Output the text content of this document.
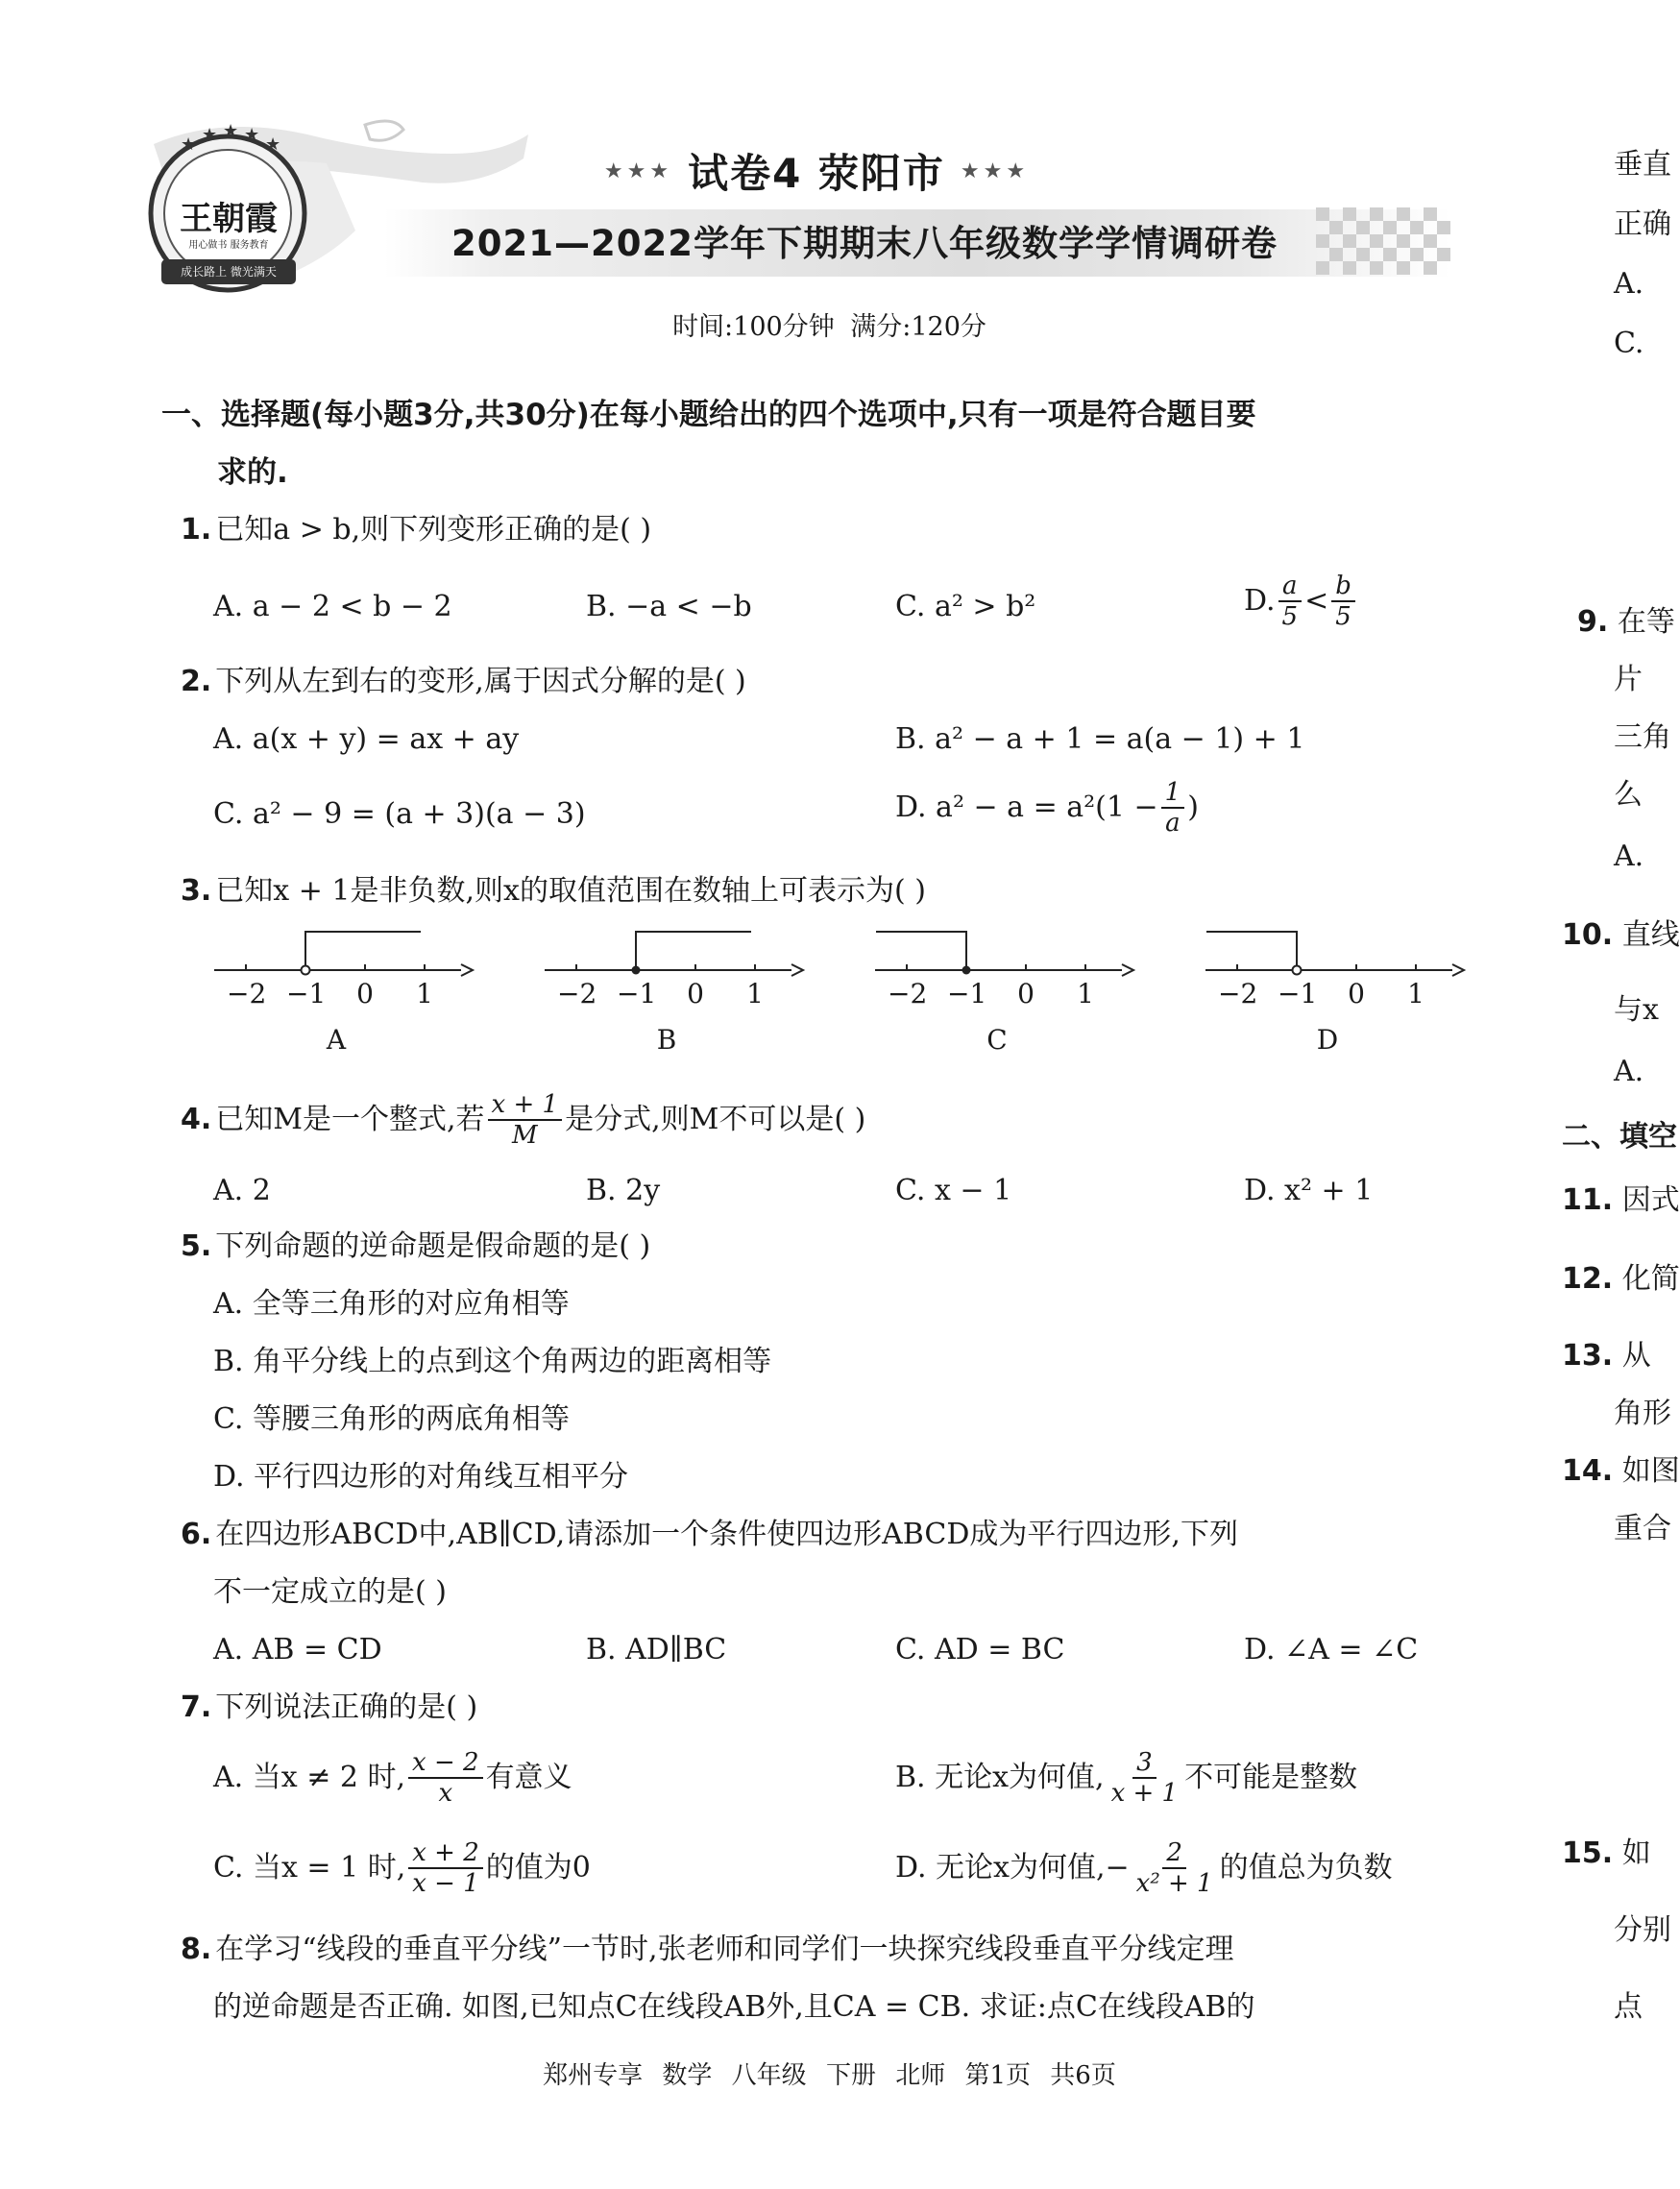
★ ★ ★ ★ ★
王朝霞
用心做书 服务教育
成长路上 微光满天
★★★ 试卷4 荥阳市 ★★★
2021—2022学年下期期末八年级数学学情调研卷
时间:100分钟 满分:120分
一、选择题(每小题3分,共30分)在每小题给出的四个选项中,只有一项是符合题目要
求的.
1. 已知a > b,则下列变形正确的是( )
A. a − 2 < b − 2	B. −a < −b	C. a² > b²	D. $\frac{a}{5} < \frac{b}{5}$
2. 下列从左到右的变形,属于因式分解的是( )
A. a(x + y) = ax + ay	B. a² − a + 1 = a(a − 1) + 1
C. a² − 9 = (a + 3)(a − 3)	D. $a^2 - a = a^2(1 - \frac{1}{a}$ )
3. 已知x + 1是非负数,则x的取值范围在数轴上可表示为( )
−2 −1	0	1	−2 −1	0	1	−2 −1	0	1	−2 −1	0	1
A	B	C	D
4. 已知M是一个整式,若 $\frac{x + 1}{M}$ 是分式,则M不可以是( )
A. 2	B. 2y	C. x − 1	D. x² + 1
5. 下列命题的逆命题是假命题的是( )
A. 全等三角形的对应角相等
B. 角平分线上的点到这个角两边的距离相等
C. 等腰三角形的两底角相等
D. 平行四边形的对角线互相平分
6. 在四边形ABCD中,AB∥CD,请添加一个条件使四边形ABCD成为平行四边形,下列
不一定成立的是( )
A. AB = CD	B. AD∥BC	C. AD = BC	D. ∠A = ∠C
7. 下列说法正确的是( )
A. 当x ≠ 2 时, $\frac{x - 2}{x}$ 有意义	B. 无论x为何值, $\frac{3}{x + 1}$ 不可能是整数
C. 当x = 1 时, $\frac{x + 2}{x - 1}$ 的值为0	D. 无论x为何值,− $\frac{2}{\text{x² + 1}}$ 的值总为负数
8. 在学习“线段的垂直平分线”一节时,张老师和同学们一块探究线段垂直平分线定理
的逆命题是否正确. 如图,已知点C在线段AB外,且CA = CB. 求证:点C在线段AB的
垂直
正确
A.
C.
9. 在等
片
三角
么
A.
10. 直线
与x
A.
二、填空
11. 因式
12. 化简
13. 从
角形
14. 如图
重合
15. 如
分别
点
郑州专享 数学 八年级 下册 北师 第1页 共6页
